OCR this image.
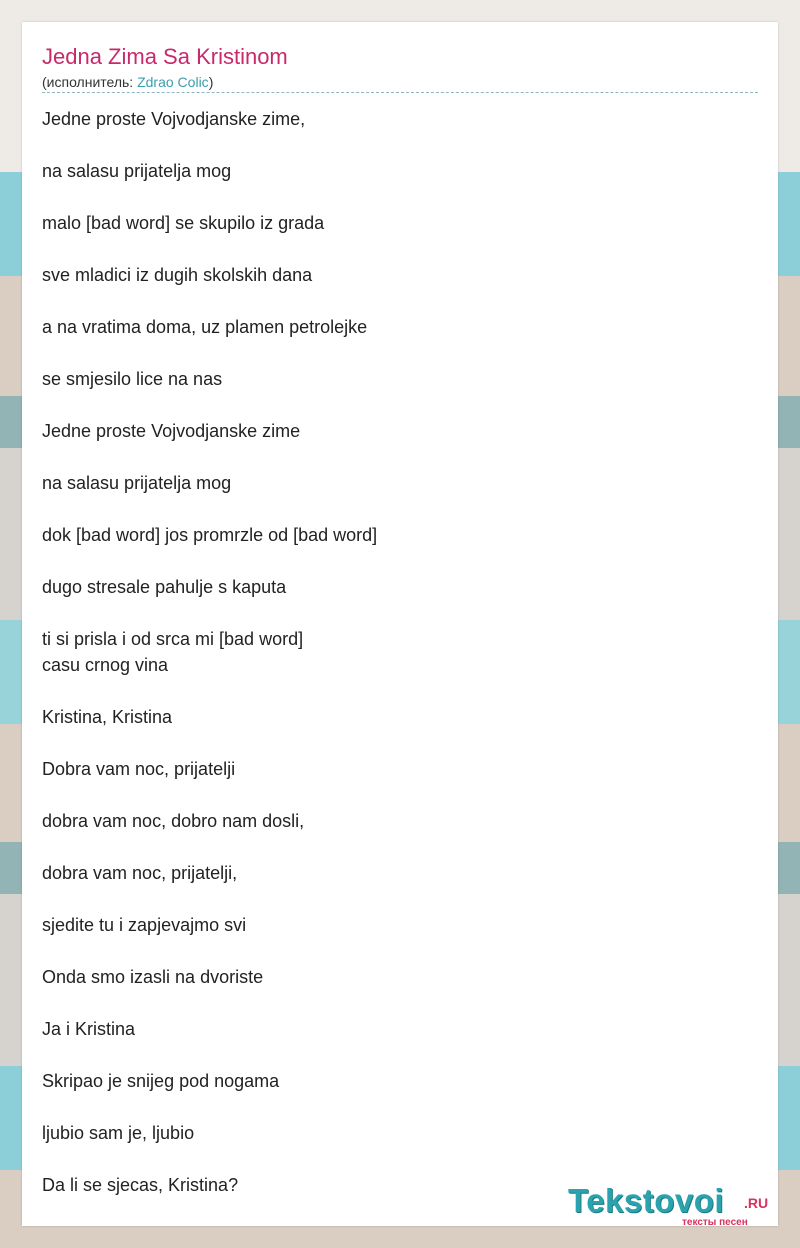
Jedna Zima Sa Kristinom
(исполнитель: Zdrao Colic)
Jedne proste Vojvodjanske zime,
na salasu prijatelja mog
malo [bad word] se skupilo iz grada
sve mladici iz dugih skolskih dana
a na vratima doma, uz plamen petrolejke
se smjesilo lice na nas
Jedne proste Vojvodjanske zime
na salasu prijatelja mog
dok [bad word] jos promrzle od [bad word]
dugo stresale pahulje s kaputa
ti si prisla i od srca mi [bad word]
casu crnog vina
Kristina, Kristina
Dobra vam noc, prijatelji
dobra vam noc, dobro nam dosli,
dobra vam noc, prijatelji,
sjedite tu i zapjevajmo svi
Onda smo izasli na dvoriste
Ja i Kristina
Skripao je snijeg pod nogama
ljubio sam je, ljubio
Da li se sjecas, Kristina?	Tekstovoi .RU
тексты песен
